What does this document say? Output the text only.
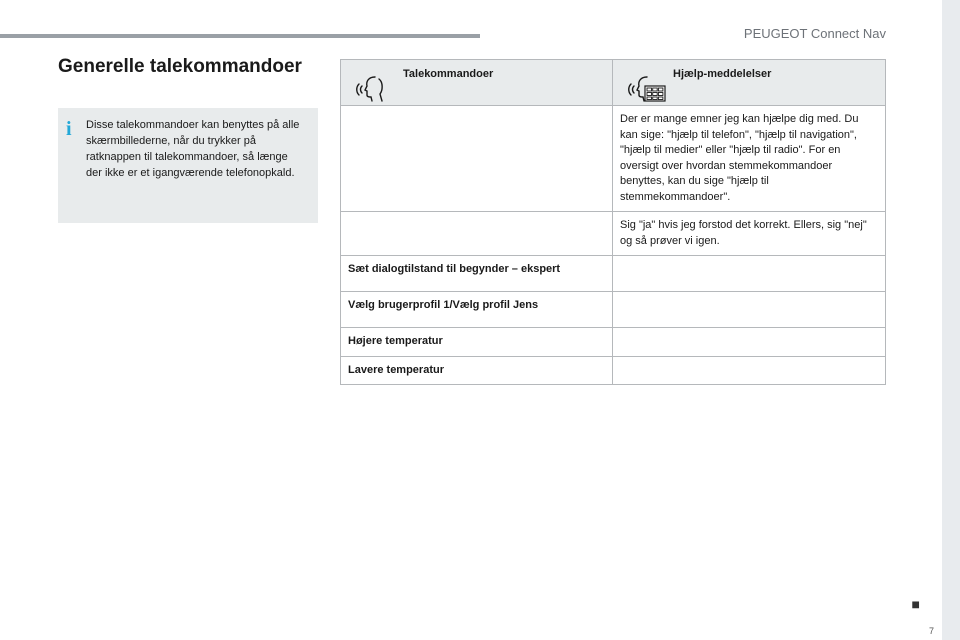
PEUGEOT Connect Nav
Generelle talekommandoer
i Disse talekommandoer kan benyttes på alle skærmbillederne, når du trykker på ratknappen til talekommandoer, så længe der ikke er et igangværende telefonopkald.
Talekommandoer	Hjælp-meddelelser

	Der er mange emner jeg kan hjælpe dig med. Du kan sige: "hjælp til telefon", "hjælp til navigation", "hjælp til medier" eller "hjælp til radio". For en oversigt over hvordan stemmekommandoer benyttes, kan du sige "hjælp til stemmekommandoer".
	Sig "ja" hvis jeg forstod det korrekt. Ellers, sig "nej" og så prøver vi igen.
Sæt dialogtilstand til begynder – ekspert	
Vælg brugerprofil 1/Vælg profil Jens	
Højere temperatur	
Lavere temperatur	
■
7
